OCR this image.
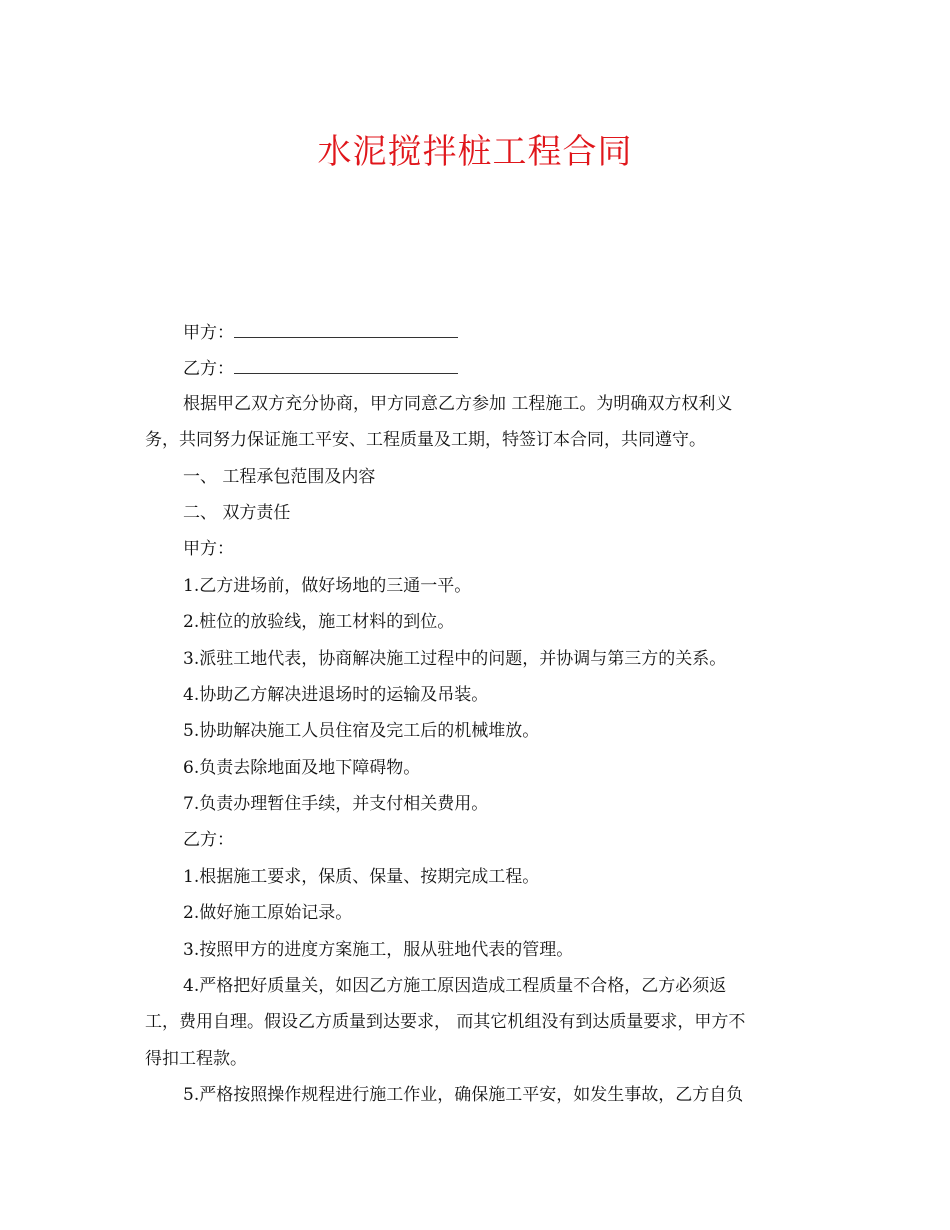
水泥搅拌桩工程合同
甲方：
乙方：
根据甲乙双方充分协商，甲方同意乙方参加 工程施工。为明确双方权利义
务，共同努力保证施工平安、工程质量及工期，特签订本合同，共同遵守。
一、 工程承包范围及内容
二、 双方责任
甲方：
1.乙方进场前，做好场地的三通一平。
2.桩位的放验线，施工材料的到位。
3.派驻工地代表，协商解决施工过程中的问题，并协调与第三方的关系。
4.协助乙方解决进退场时的运输及吊装。
5.协助解决施工人员住宿及完工后的机械堆放。
6.负责去除地面及地下障碍物。
7.负责办理暂住手续，并支付相关费用。
乙方：
1.根据施工要求，保质、保量、按期完成工程。
2.做好施工原始记录。
3.按照甲方的进度方案施工，服从驻地代表的管理。
4.严格把好质量关，如因乙方施工原因造成工程质量不合格，乙方必须返
工，费用自理。假设乙方质量到达要求， 而其它机组没有到达质量要求，甲方不
得扣工程款。
5.严格按照操作规程进行施工作业，确保施工平安，如发生事故，乙方自负
